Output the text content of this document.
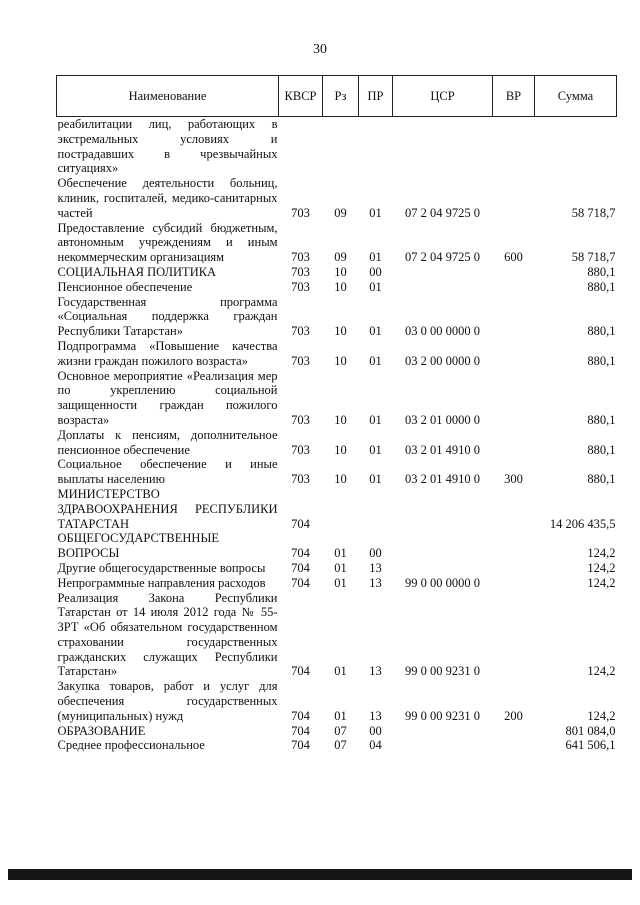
30
Наименование	КВСР	Рз	ПР	ЦСР	ВР	Сумма
реабилитации лиц, работающих в экстремальных условиях и пострадавших в чрезвычайных ситуациях»						
Обеспечение деятельности больниц, клиник, госпиталей, медико-санитарных частей	703	09	01	07 2 04 9725 0		58 718,7
Предоставление субсидий бюджетным, автономным учреждениям и иным некоммерческим организациям	703	09	01	07 2 04 9725 0	600	58 718,7
СОЦИАЛЬНАЯ ПОЛИТИКА	703	10	00			880,1
Пенсионное обеспечение	703	10	01			880,1
Государственная программа «Социальная поддержка граждан Республики Татарстан»	703	10	01	03 0 00 0000 0		880,1
Подпрограмма «Повышение качества жизни граждан пожилого возраста»	703	10	01	03 2 00 0000 0		880,1
Основное мероприятие «Реализация мер по укреплению социальной защищенности граждан пожилого возраста»	703	10	01	03 2 01 0000 0		880,1
Доплаты к пенсиям, дополнительное пенсионное обеспечение	703	10	01	03 2 01 4910 0		880,1
Социальное обеспечение и иные выплаты населению	703	10	01	03 2 01 4910 0	300	880,1
МИНИСТЕРСТВО ЗДРАВООХРАНЕНИЯ РЕСПУБЛИКИ ТАТАРСТАН	704					14 206 435,5
ОБЩЕГОСУДАРСТВЕННЫЕ ВОПРОСЫ	704	01	00			124,2
Другие общегосударственные вопросы	704	01	13			124,2
Непрограммные направления расходов	704	01	13	99 0 00 0000 0		124,2
Реализация Закона Республики Татарстан от 14 июля 2012 года № 55-ЗРТ «Об обязательном государственном страховании государственных гражданских служащих Республики Татарстан»	704	01	13	99 0 00 9231 0		124,2
Закупка товаров, работ и услуг для обеспечения государственных (муниципальных) нужд	704	01	13	99 0 00 9231 0	200	124,2
ОБРАЗОВАНИЕ	704	07	00			801 084,0
Среднее профессиональное	704	07	04			641 506,1
